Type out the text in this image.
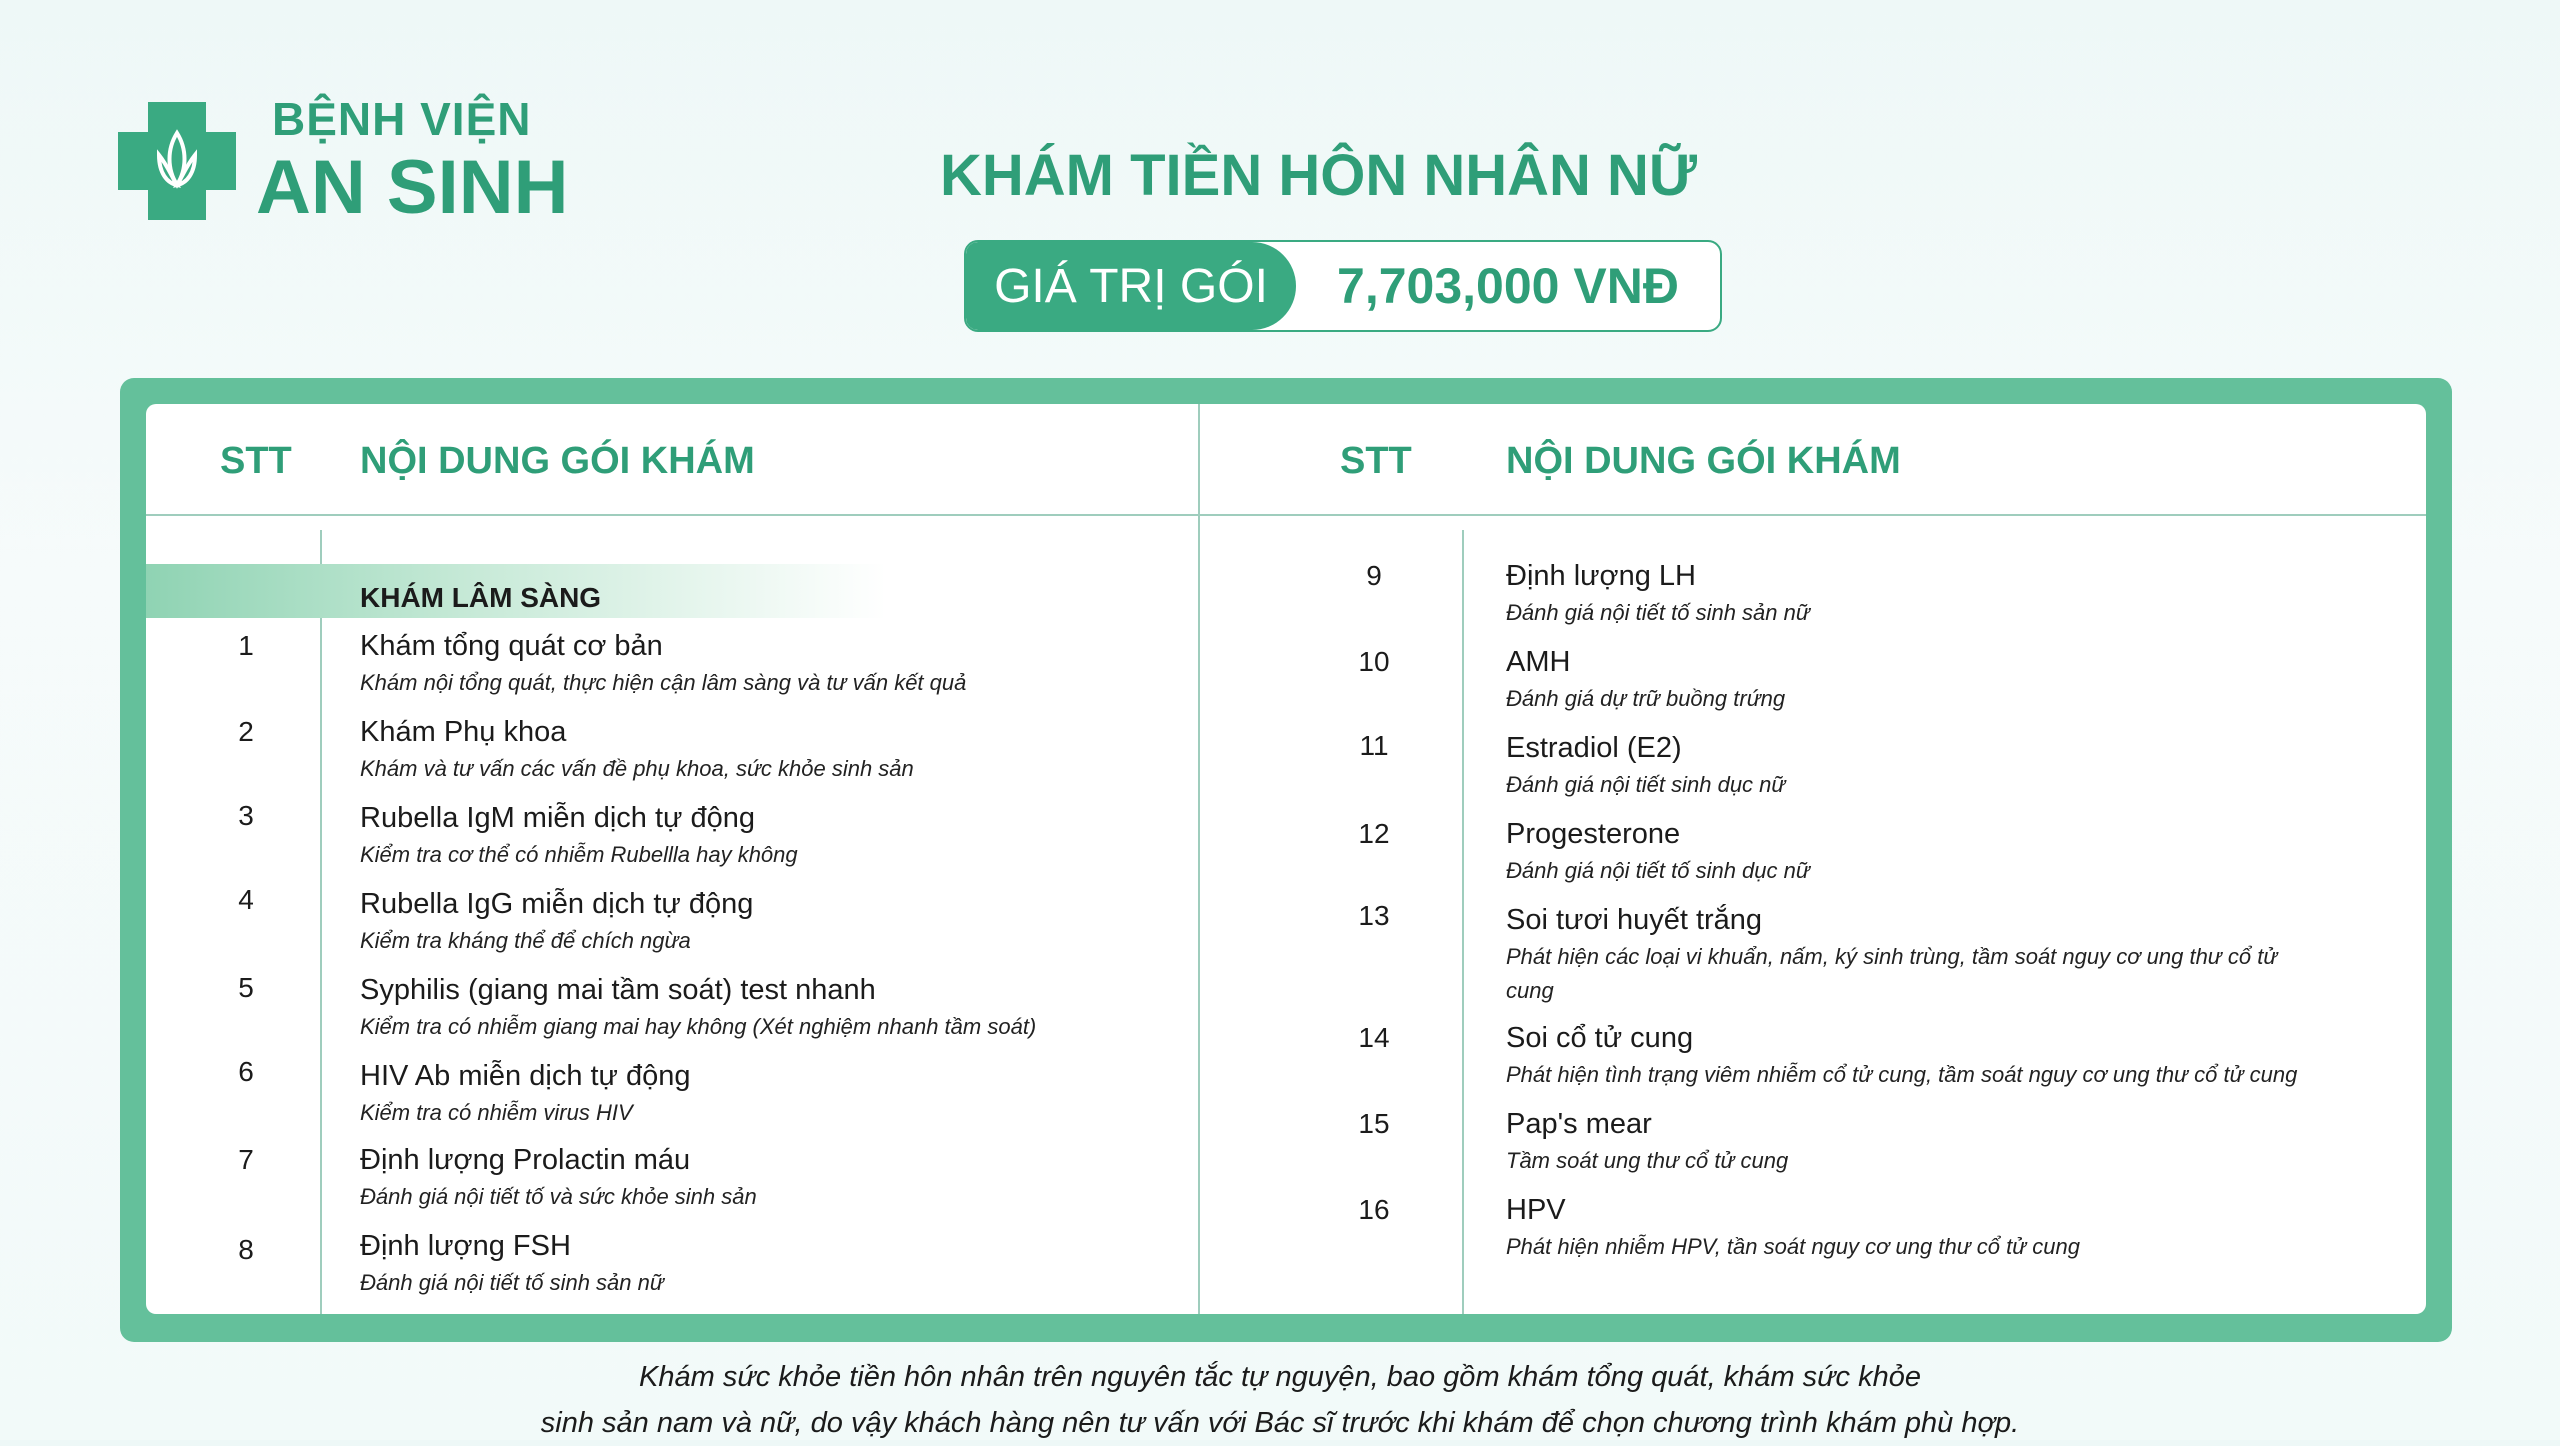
BỆNH VIỆN
AN SINH	KHÁM TIỀN HÔN NHÂN NỮ
GIÁ TRỊ GÓI	7,703,000 VNĐ
STT NỘI DUNG GÓI KHÁM	STT NỘI DUNG GÓI KHÁM
KHÁM LÂM SÀNG
1	Khám tổng quát cơ bản
Khám nội tổng quát, thực hiện cận lâm sàng và tư vấn kết quả
2	Khám Phụ khoa
Khám và tư vấn các vấn đề phụ khoa, sức khỏe sinh sản
3	Rubella IgM miễn dịch tự động
Kiểm tra cơ thể có nhiễm Rubellla hay không
4	Rubella IgG miễn dịch tự động
Kiểm tra kháng thể để chích ngừa
5	Syphilis (giang mai tầm soát) test nhanh
Kiểm tra có nhiễm giang mai hay không (Xét nghiệm nhanh tầm soát)
6	HIV Ab miễn dịch tự động
Kiểm tra có nhiễm virus HIV
7	Định lượng Prolactin máu
Đánh giá nội tiết tố và sức khỏe sinh sản
8	Định lượng FSH
Đánh giá nội tiết tố sinh sản nữ
9	Định lượng LH
Đánh giá nội tiết tố sinh sản nữ
10	AMH
Đánh giá dự trữ buồng trứng
11	Estradiol (E2)
Đánh giá nội tiết sinh dục nữ
12	Progesterone
Đánh giá nội tiết tố sinh dục nữ
13	Soi tươi huyết trắng
Phát hiện các loại vi khuẩn, nấm, ký sinh trùng, tầm soát nguy cơ ung thư cổ tử cung
14	Soi cổ tử cung
Phát hiện tình trạng viêm nhiễm cổ tử cung, tầm soát nguy cơ ung thư cổ tử cung
15	Pap's mear
Tầm soát ung thư cổ tử cung
16	HPV
Phát hiện nhiễm HPV, tần soát nguy cơ ung thư cổ tử cung
Khám sức khỏe tiền hôn nhân trên nguyên tắc tự nguyện, bao gồm khám tổng quát, khám sức khỏe
sinh sản nam và nữ, do vậy khách hàng nên tư vấn với Bác sĩ trước khi khám để chọn chương trình khám phù hợp.
